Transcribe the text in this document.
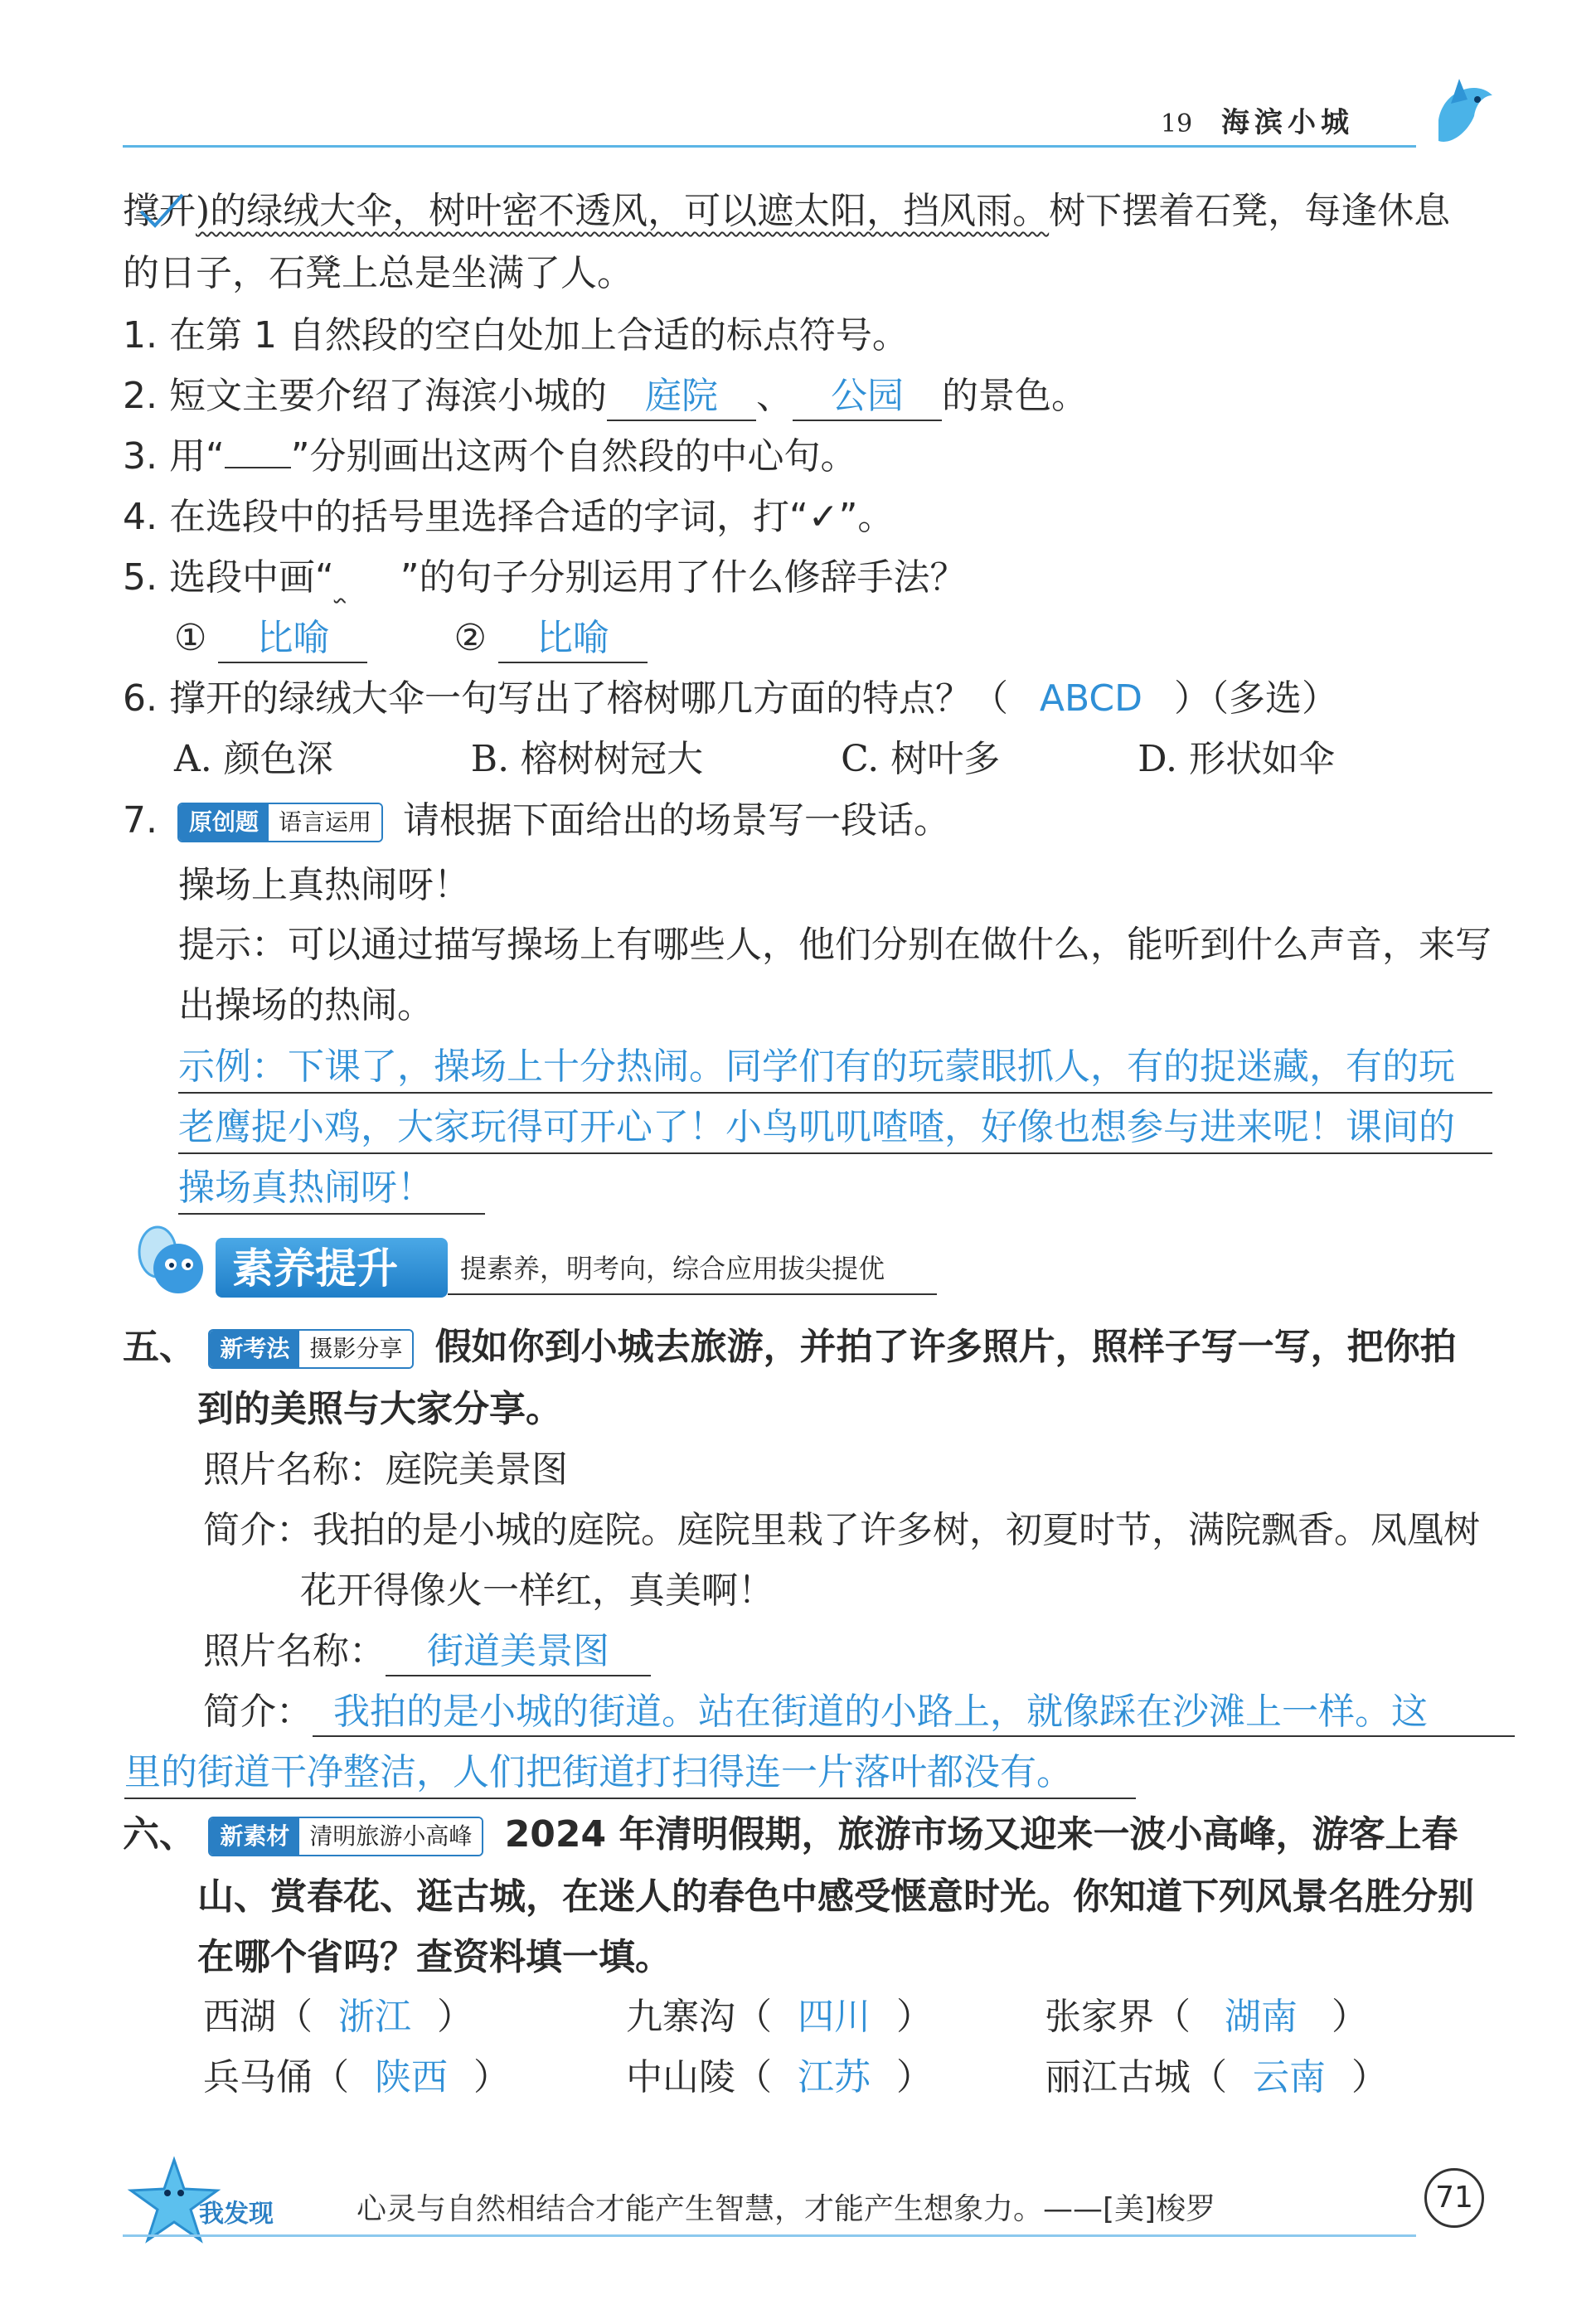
19 海滨小城
撑开)的绿绒大伞，树叶密不透风，可以遮太阳，挡风雨。树下摆着石凳，每逢休息
的日子，石凳上总是坐满了人。
1. 在第 1 自然段的空白处加上合适的标点符号。
2. 短文主要介绍了海滨小城的 庭院 、 公园 的景色。
3. 用“ ”分别画出这两个自然段的中心句。
4. 在选段中的括号里选择合适的字词，打“✓”。
5. 选段中画“ ”的句子分别运用了什么修辞手法？
① 比喻	② 比喻
6. 撑开的绿绒大伞一句写出了榕树哪几方面的特点？（ ABCD ）（多选）
A. 颜色深	B. 榕树树冠大	C. 树叶多	D. 形状如伞
7.	原创题 语言运用 请根据下面给出的场景写一段话。
操场上真热闹呀！
提示：可以通过描写操场上有哪些人，他们分别在做什么，能听到什么声音，来写
出操场的热闹。
示例：下课了，操场上十分热闹。同学们有的玩蒙眼抓人，有的捉迷藏，有的玩
老鹰捉小鸡，大家玩得可开心了！小鸟叽叽喳喳，好像也想参与进来呢！课间的
操场真热闹呀！
素养提升 提素养，明考向，综合应用拔尖提优
五、	新考法 摄影分享 假如你到小城去旅游，并拍了许多照片，照样子写一写，把你拍
到的美照与大家分享。
照片名称：庭院美景图
简介：我拍的是小城的庭院。庭院里栽了许多树，初夏时节，满院飘香。凤凰树
花开得像火一样红，真美啊！
照片名称： 街道美景图
简介： 我拍的是小城的街道。站在街道的小路上，就像踩在沙滩上一样。这
里的街道干净整洁，人们把街道打扫得连一片落叶都没有。
六、	新素材 清明旅游小高峰 2024 年清明假期，旅游市场又迎来一波小高峰，游客上春
山、赏春花、逛古城，在迷人的春色中感受惬意时光。你知道下列风景名胜分别
在哪个省吗？查资料填一填。
西湖（ 浙江 ）	九寨沟（ 四川 ）	张家界（ 湖南 ）
兵马俑（ 陕西 ）	中山陵（ 江苏 ）	丽江古城（ 云南 ）
我发现	心灵与自然相结合才能产生智慧，才能产生想象力。——[美]梭罗	71
